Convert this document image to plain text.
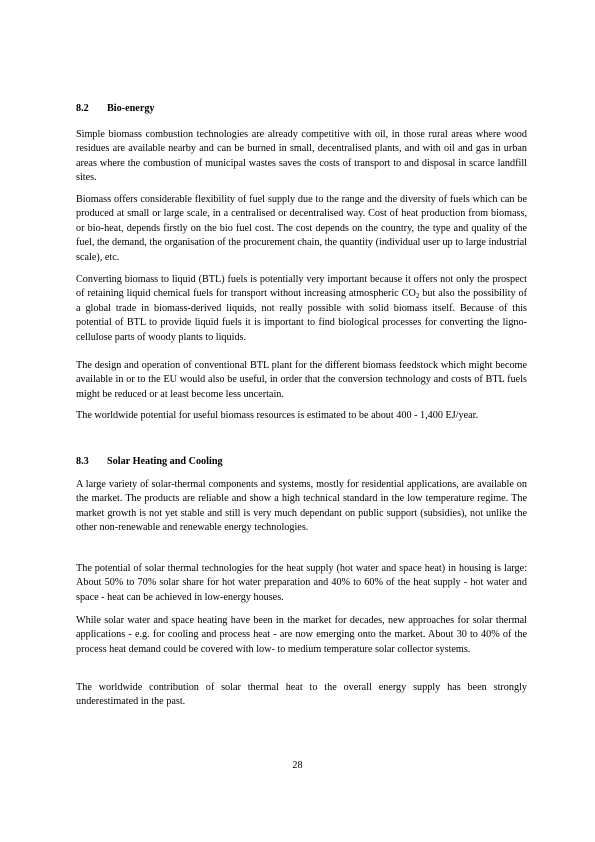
8.2 Bio-energy

Simple biomass combustion technologies are already competitive with oil, in those rural areas where wood residues are available nearby and can be burned in small, decentralised plants, and with oil and gas in urban areas where the combustion of municipal wastes saves the costs of transport to and disposal in scarce landfill sites.

Biomass offers considerable flexibility of fuel supply due to the range and the diversity of fuels which can be produced at small or large scale, in a centralised or decentralised way. Cost of heat production from biomass, or bio-heat, depends firstly on the bio fuel cost. The cost depends on the country, the type and quality of the fuel, the demand, the organisation of the procurement chain, the quantity (individual user up to large industrial scale), etc.

Converting biomass to liquid (BTL) fuels is potentially very important because it offers not only the prospect of retaining liquid chemical fuels for transport without increasing atmospheric $CO_2$ but also the possibility of a global trade in biomass-derived liquids, not really possible with solid biomass itself. Because of this potential of BTL to provide liquid fuels it is important to find biological processes for converting the ligno-cellulose parts of woody plants to liquids.

The design and operation of conventional BTL plant for the different biomass feedstock which might become available in or to the EU would also be useful, in order that the conversion technology and costs of BTL fuels might be reduced or at least become less uncertain.

The worldwide potential for useful biomass resources is estimated to be about 400 - 1,400 EJ/year.

8.3 Solar Heating and Cooling

A large variety of solar-thermal components and systems, mostly for residential applications, are available on the market. The products are reliable and show a high technical standard in the low temperature regime. The market growth is not yet stable and still is very much dependant on public support (subsidies), not unlike the other non-renewable and renewable energy technologies.

The potential of solar thermal technologies for the heat supply (hot water and space heat) in housing is large: About 50% to 70% solar share for hot water preparation and 40% to 60% of the heat supply - hot water and space - heat can be achieved in low-energy houses.

While solar water and space heating have been in the market for decades, new approaches for solar thermal applications - e.g. for cooling and process heat - are now emerging onto the market. About 30 to 40% of the process heat demand could be covered with low- to medium temperature solar collector systems.

The worldwide contribution of solar thermal heat to the overall energy supply has been strongly underestimated in the past.

28
